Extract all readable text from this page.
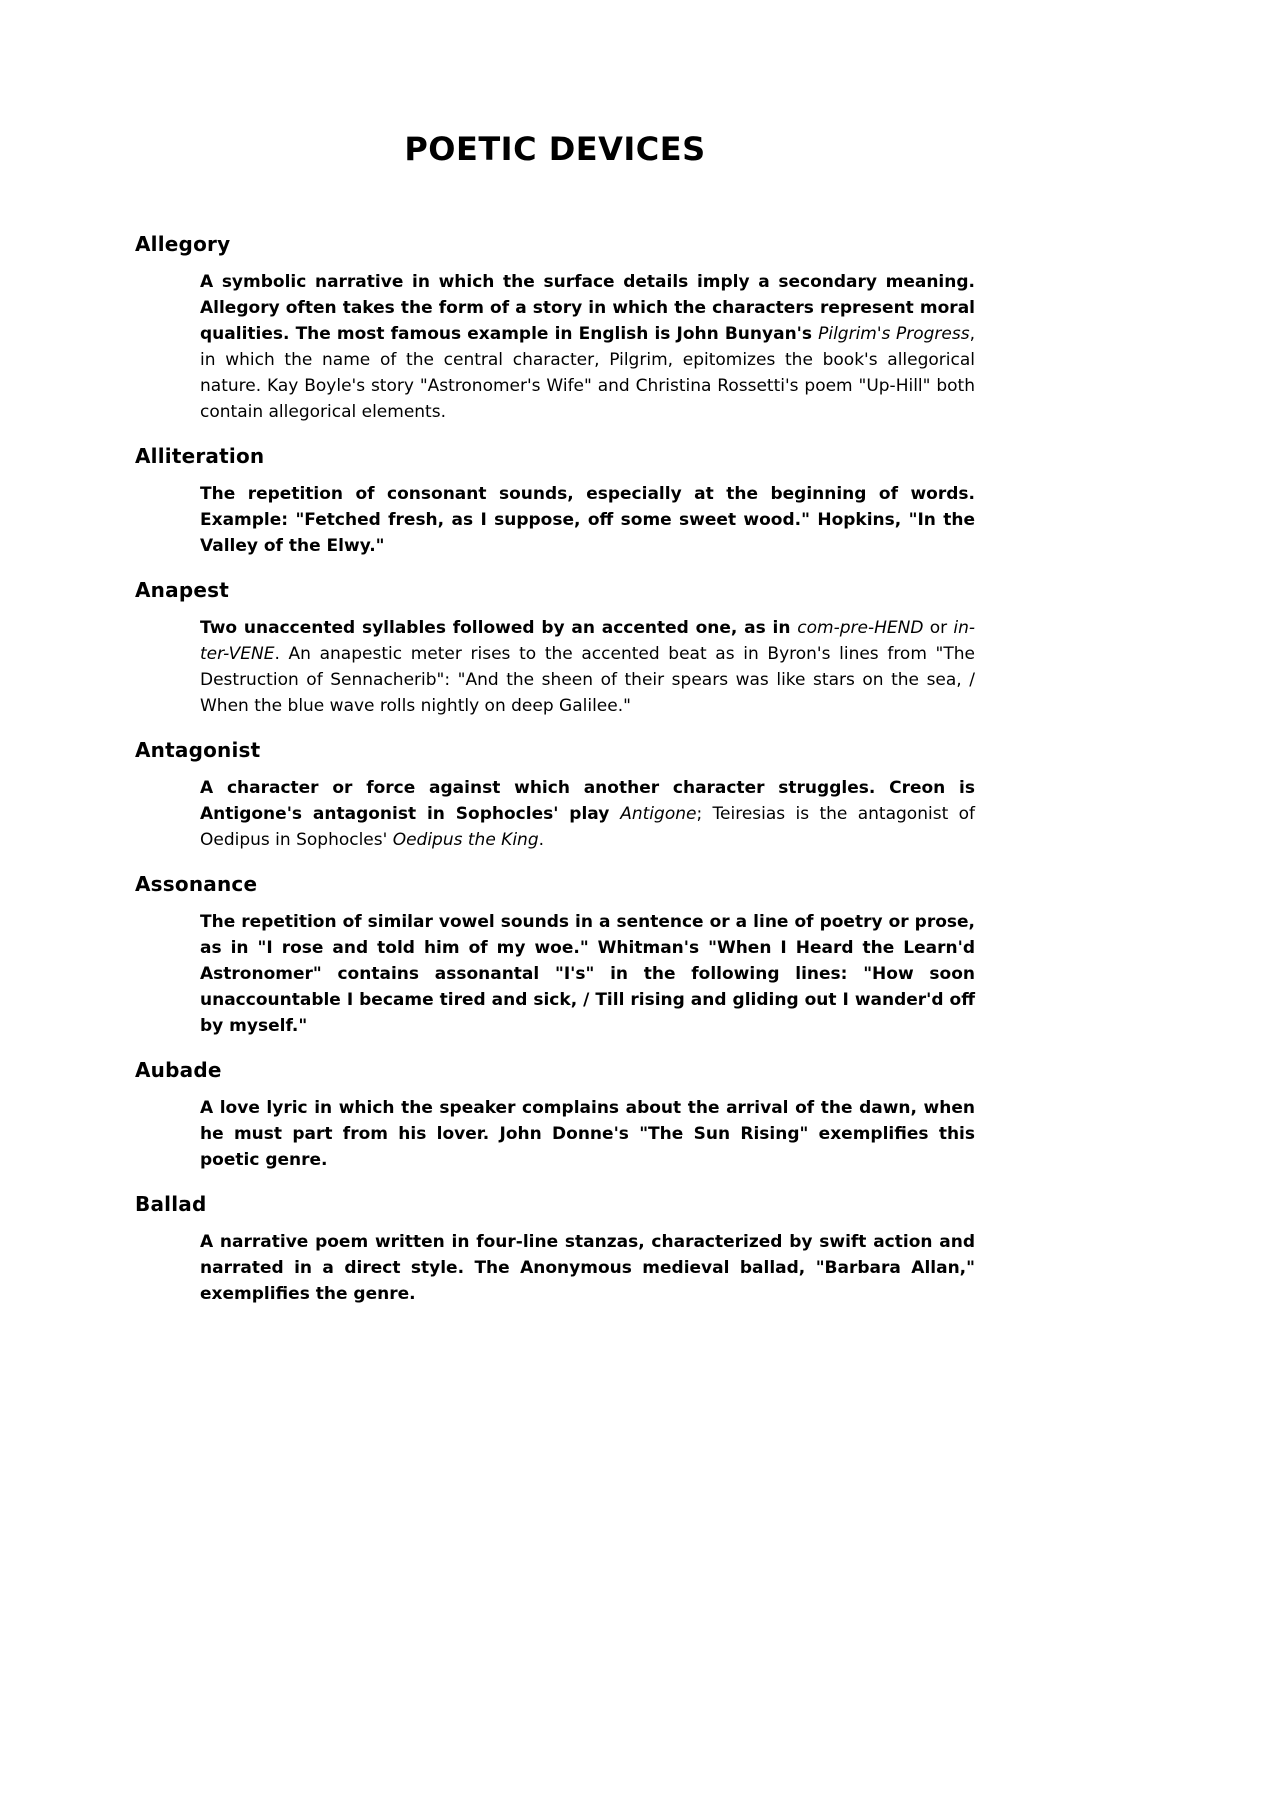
POETIC DEVICES
Allegory

A symbolic narrative in which the surface details imply a secondary meaning. Allegory often takes the form of a story in which the characters represent moral qualities. The most famous example in English is John Bunyan's Pilgrim's Progress, in which the name of the central character, Pilgrim, epitomizes the book's allegorical nature. Kay Boyle's story "Astronomer's Wife" and Christina Rossetti's poem "Up-Hill" both contain allegorical elements.

Alliteration

The repetition of consonant sounds, especially at the beginning of words. Example: "Fetched fresh, as I suppose, off some sweet wood." Hopkins, "In the Valley of the Elwy."

Anapest

Two unaccented syllables followed by an accented one, as in com-pre-HEND or in-ter-VENE. An anapestic meter rises to the accented beat as in Byron's lines from "The Destruction of Sennacherib": "And the sheen of their spears was like stars on the sea, / When the blue wave rolls nightly on deep Galilee."

Antagonist

A character or force against which another character struggles. Creon is Antigone's antagonist in Sophocles' play Antigone; Teiresias is the antagonist of Oedipus in Sophocles' Oedipus the King.

Assonance

The repetition of similar vowel sounds in a sentence or a line of poetry or prose, as in "I rose and told him of my woe." Whitman's "When I Heard the Learn'd Astronomer" contains assonantal "I's" in the following lines: "How soon unaccountable I became tired and sick, / Till rising and gliding out I wander'd off by myself."

Aubade

A love lyric in which the speaker complains about the arrival of the dawn, when he must part from his lover. John Donne's "The Sun Rising" exemplifies this poetic genre.

Ballad

A narrative poem written in four-line stanzas, characterized by swift action and narrated in a direct style. The Anonymous medieval ballad, "Barbara Allan," exemplifies the genre.
